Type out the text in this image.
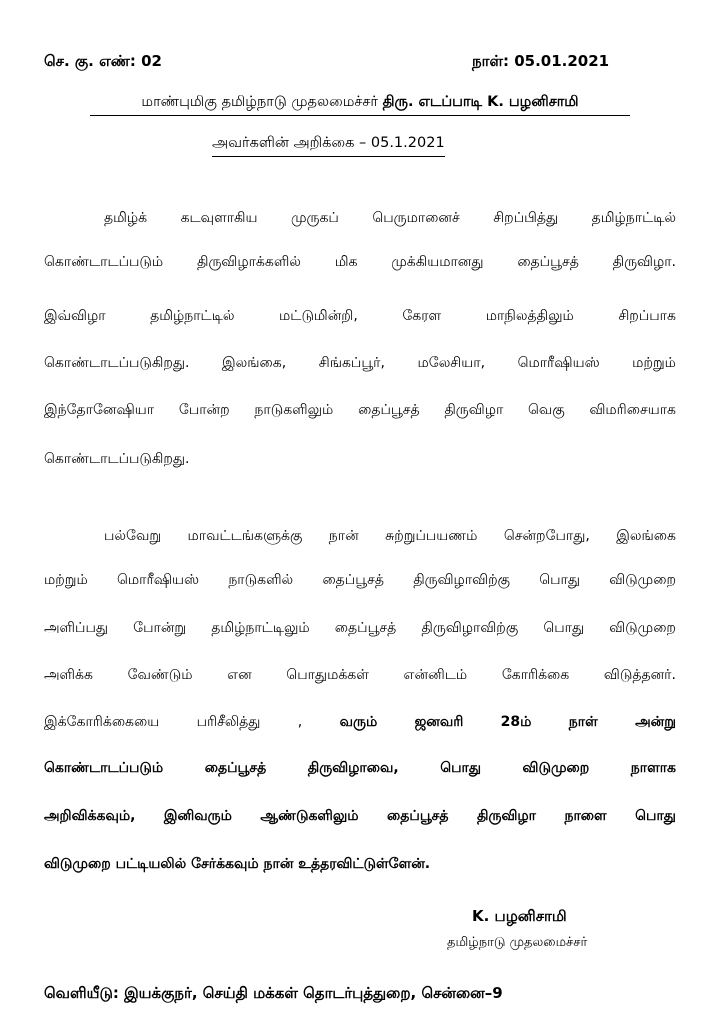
செ. கு. எண்: 02	நாள்: 05.01.2021
மாண்புமிகு தமிழ்நாடு முதலமைச்சர் திரு. எடப்பாடி K. பழனிசாமி
அவர்களின் அறிக்கை – 05.1.2021
தமிழ்க் கடவுளாகிய முருகப் பெருமானைச் சிறப்பித்து தமிழ்நாட்டில்
கொண்டாடப்படும் திருவிழாக்களில் மிக முக்கியமானது தைப்பூசத் திருவிழா.
இவ்விழா	தமிழ்நாட்டில்	மட்டுமின்றி,	கேரள	மாநிலத்திலும்	சிறப்பாக
கொண்டாடப்படுகிறது. இலங்கை, சிங்கப்பூர், மலேசியா, மொரீஷியஸ் மற்றும்
இந்தோனேஷியா போன்ற நாடுகளிலும் தைப்பூசத் திருவிழா வெகு விமரிசையாக
கொண்டாடப்படுகிறது.
பல்வேறு மாவட்டங்களுக்கு நான் சுற்றுப்பயணம் சென்றபோது, இலங்கை
மற்றும் மொரீஷியஸ் நாடுகளில் தைப்பூசத் திருவிழாவிற்கு பொது விடுமுறை
அளிப்பது போன்று தமிழ்நாட்டிலும் தைப்பூசத் திருவிழாவிற்கு பொது விடுமுறை
அளிக்க வேண்டும் என பொதுமக்கள் என்னிடம் கோரிக்கை விடுத்தனர்.
இக்கோரிக்கையை	பரிசீலித்து	,	வரும்	ஜனவரி	28ம்	நாள்	அன்று
கொண்டாடப்படும்	தைப்பூசத்	திருவிழாவை,	பொது	விடுமுறை	நாளாக
அறிவிக்கவும், இனிவரும் ஆண்டுகளிலும் தைப்பூசத் திருவிழா நாளை பொது
விடுமுறை பட்டியலில் சேர்க்கவும் நான் உத்தரவிட்டுள்ளேன்.
K. பழனிசாமி
தமிழ்நாடு முதலமைச்சர்
வெளியீடு: இயக்குநர், செய்தி மக்கள் தொடர்புத்துறை, சென்னை–9
